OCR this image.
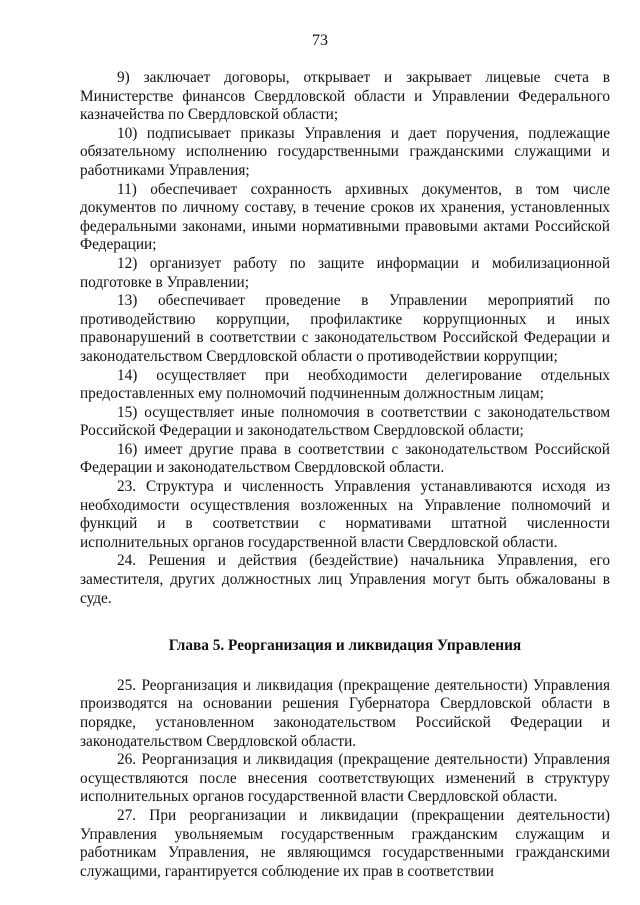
73

9) заключает договоры, открывает и закрывает лицевые счета в Министерстве финансов Свердловской области и Управлении Федерального казначейства по Свердловской области;

10) подписывает приказы Управления и дает поручения, подлежащие обязательному исполнению государственными гражданскими служащими и работниками Управления;

11) обеспечивает сохранность архивных документов, в том числе документов по личному составу, в течение сроков их хранения, установленных федеральными законами, иными нормативными правовыми актами Российской Федерации;

12) организует работу по защите информации и мобилизационной подготовке в Управлении;

13) обеспечивает проведение в Управлении мероприятий по противодействию коррупции, профилактике коррупционных и иных правонарушений в соответствии с законодательством Российской Федерации и законодательством Свердловской области о противодействии коррупции;

14) осуществляет при необходимости делегирование отдельных предоставленных ему полномочий подчиненным должностным лицам;

15) осуществляет иные полномочия в соответствии с законодательством Российской Федерации и законодательством Свердловской области;

16) имеет другие права в соответствии с законодательством Российской Федерации и законодательством Свердловской области.

23. Структура и численность Управления устанавливаются исходя из необходимости осуществления возложенных на Управление полномочий и функций и в соответствии с нормативами штатной численности исполнительных органов государственной власти Свердловской области.

24. Решения и действия (бездействие) начальника Управления, его заместителя, других должностных лиц Управления могут быть обжалованы в суде.

Глава 5. Реорганизация и ликвидация Управления

25. Реорганизация и ликвидация (прекращение деятельности) Управления производятся на основании решения Губернатора Свердловской области в порядке, установленном законодательством Российской Федерации и законодательством Свердловской области.

26. Реорганизация и ликвидация (прекращение деятельности) Управления осуществляются после внесения соответствующих изменений в структуру исполнительных органов государственной власти Свердловской области.

27. При реорганизации и ликвидации (прекращении деятельности) Управления увольняемым государственным гражданским служащим и работникам Управления, не являющимся государственными гражданскими служащими, гарантируется соблюдение их прав в соответствии
